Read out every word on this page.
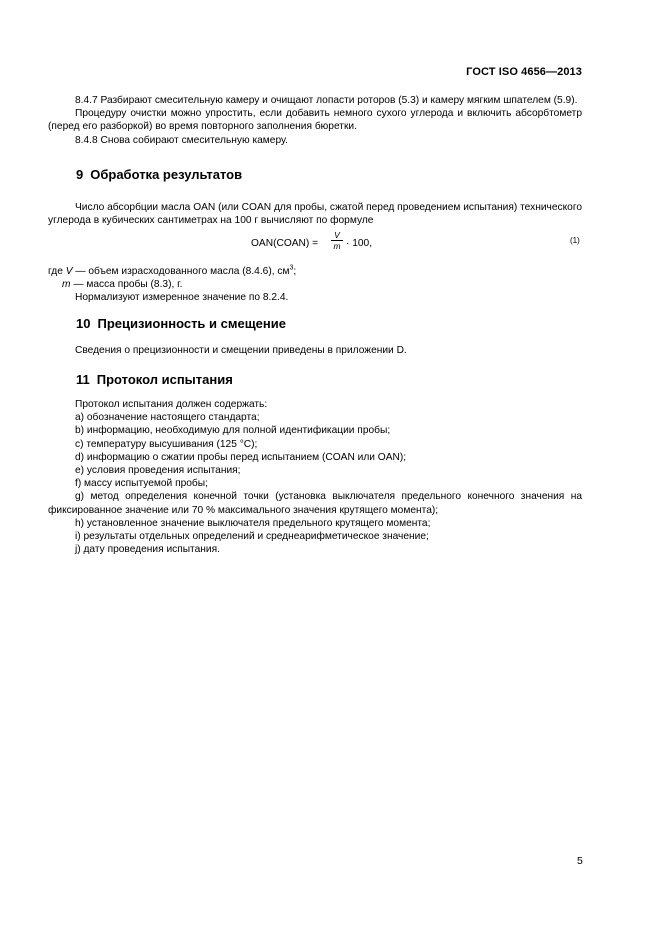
ГОСТ ISO 4656—2013

8.4.7 Разбирают смесительную камеру и очищают лопасти роторов (5.3) и камеру мягким шпателем (5.9).

Процедуру очистки можно упростить, если добавить немного сухого углерода и включить абсорбтометр (перед его разборкой) во время повторного заполнения бюретки.

8.4.8 Снова собирают смесительную камеру.

9 Обработка результатов

Число абсорбции масла OAN (или COAN для пробы, сжатой перед проведением испытания) технического углерода в кубических сантиметрах на 100 г вычисляют по формуле

OAN(COAN) =
V
m · 100,	(1)

где V — объем израсходованного масла (8.4.6), $см^3$;

m — масса пробы (8.3), г.

Нормализуют измеренное значение по 8.2.4.

10 Прецизионность и смещение

Сведения о прецизионности и смещении приведены в приложении D.

11 Протокол испытания

Протокол испытания должен содержать:

a) обозначение настоящего стандарта;

b) информацию, необходимую для полной идентификации пробы;

c) температуру высушивания (125 °С);

d) информацию о сжатии пробы перед испытанием (COAN или OAN);

e) условия проведения испытания;

f) массу испытуемой пробы;

g) метод определения конечной точки (установка выключателя предельного конечного значения на фиксированное значение или 70 % максимального значения крутящего момента);

h) установленное значение выключателя предельного крутящего момента;

i) результаты отдельных определений и среднеарифметическое значение;

j) дату проведения испытания.

5
